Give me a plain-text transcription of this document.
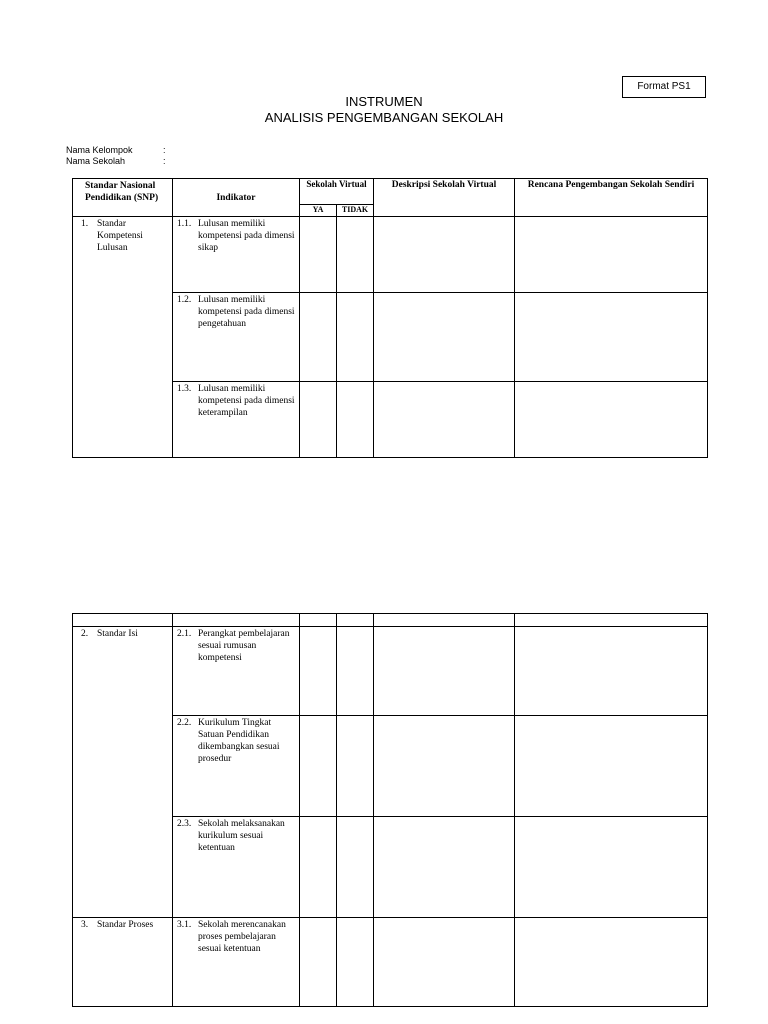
Format PS1
INSTRUMEN
ANALISIS PENGEMBANGAN SEKOLAH
Nama Kelompok	:
Nama Sekolah	:
Standar Nasional Pendidikan (SNP)	Indikator	Sekolah Virtual		Deskripsi Sekolah Virtual	Rencana Pengembangan Sekolah Sendiri
		YA	TIDAK		

1. Standar Kompetensi Lulusan	1.1. Lulusan memiliki kompetensi pada dimensi sikap				

	1.2. Lulusan memiliki kompetensi pada dimensi pengetahuan				

	1.3. Lulusan memiliki kompetensi pada dimensi keterampilan				

2. Standar Isi	2.1. Perangkat pembelajaran sesuai rumusan kompetensi				

	2.2. Kurikulum Tingkat Satuan Pendidikan dikembangkan sesuai prosedur				

	2.3. Sekolah melaksanakan kurikulum sesuai ketentuan				

3. Standar Proses	3.1. Sekolah merencanakan proses pembelajaran sesuai ketentuan				
